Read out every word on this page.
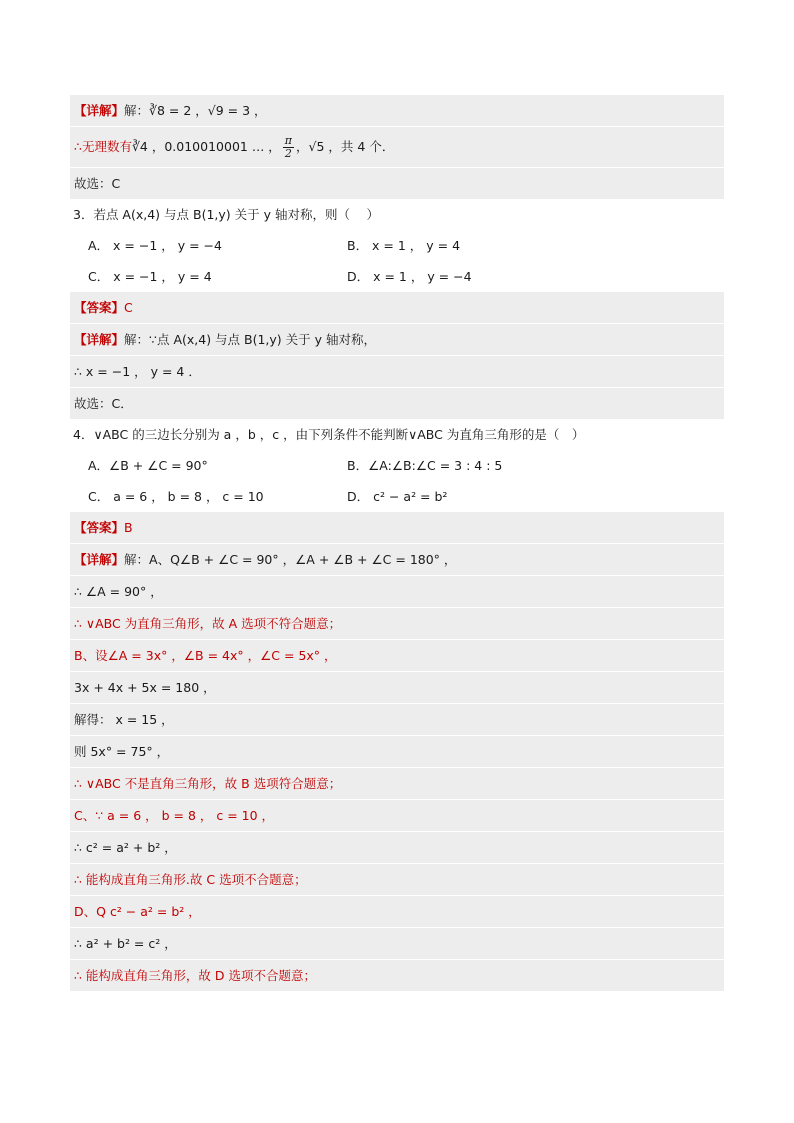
【详解】解：∛8 = 2 ，√9 = 3 ，
∴无理数有∛4 ，0.010010001 … ， $\frac{\pi}{2}$ ，√5 ，共 4 个．
故选：C
3．若点 A(x,4) 与点 B(1,y) 关于 y 轴对称，则（　 ）
A． x = −1 ， y = −4	B． x = 1 ， y = 4
C． x = −1 ， y = 4	D． x = 1 ， y = −4
【答案】C
【详解】解：∵点 A(x,4) 与点 B(1,y) 关于 y 轴对称，
∴ x = −1 ， y = 4 ．
故选：C．
4．∨ABC 的三边长分别为 a ，b ，c ，由下列条件不能判断∨ABC 为直角三角形的是（　）
A．∠B + ∠C = 90°	B．∠A:∠B:∠C = 3 : 4 : 5
C． a = 6 ， b = 8 ， c = 10	D． c² − a² = b²
【答案】B
【详解】解：A、Q∠B + ∠C = 90° ，∠A + ∠B + ∠C = 180° ，
∴ ∠A = 90° ，
∴ ∨ABC 为直角三角形，故 A 选项不符合题意；
B、设∠A = 3x° ，∠B = 4x° ，∠C = 5x° ，
3x + 4x + 5x = 180 ，
解得： x = 15 ，
则 5x° = 75° ，
∴ ∨ABC 不是直角三角形，故 B 选项符合题意；
C、∵ a = 6 ， b = 8 ， c = 10 ，
∴ c² = a² + b² ，
∴ 能构成直角三角形.故 C 选项不合题意；
D、Q c² − a² = b² ，
∴ a² + b² = c² ，
∴ 能构成直角三角形，故 D 选项不合题意；
